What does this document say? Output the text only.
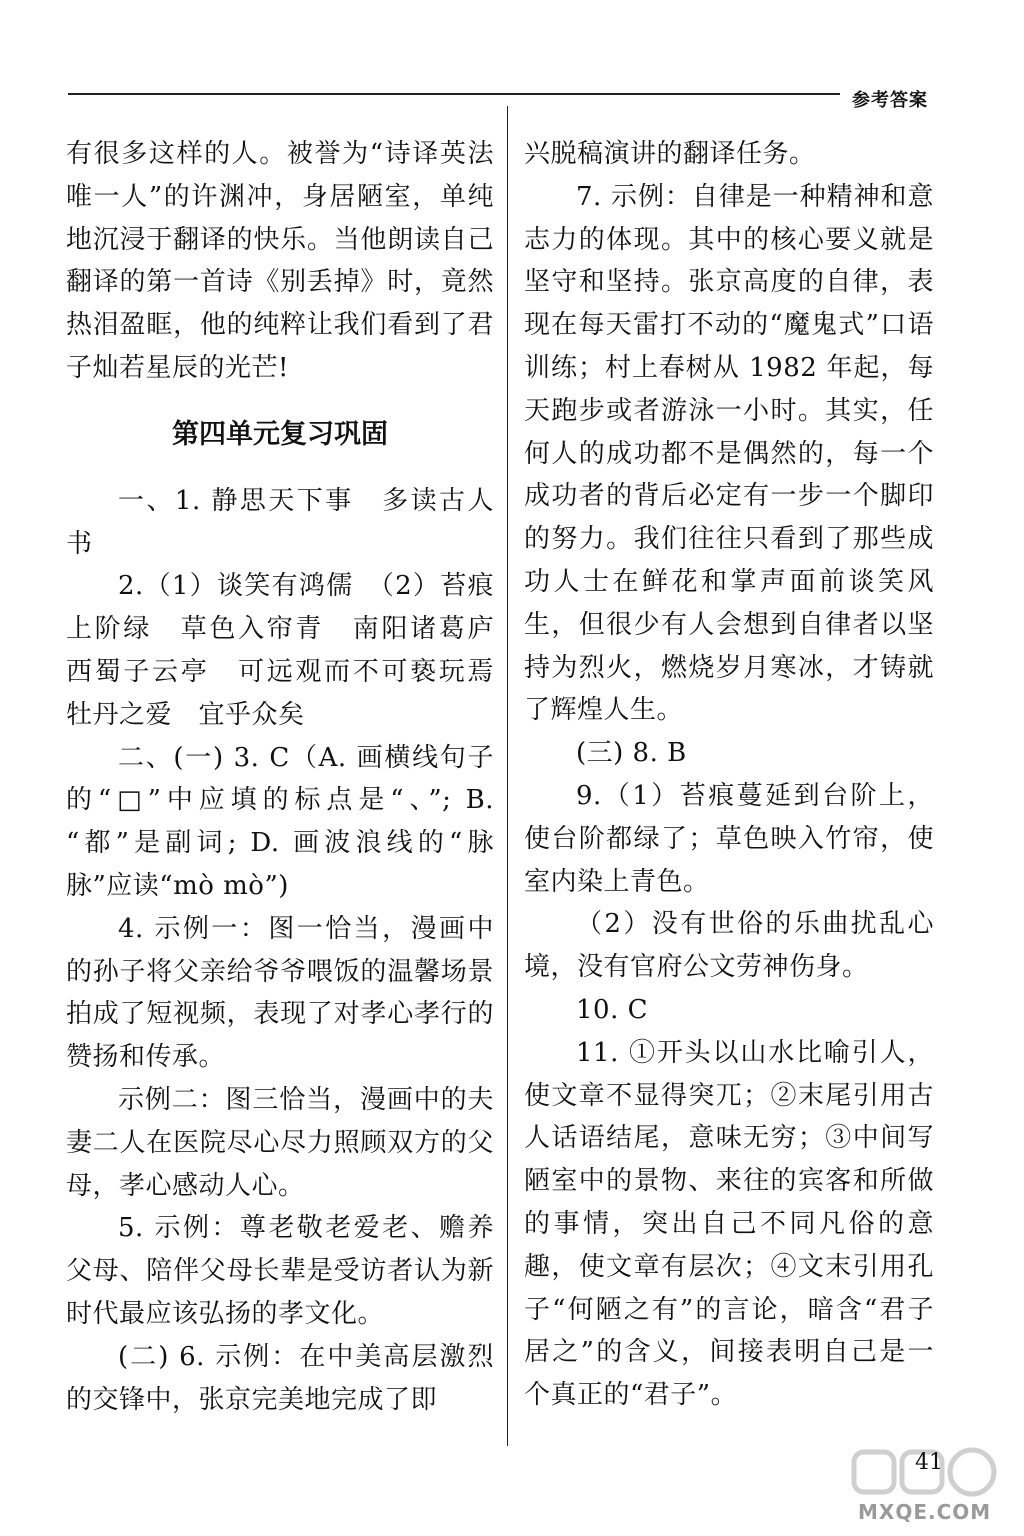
参考答案

有很多这样的人。被誉为“诗译英法唯一人”的许渊冲，身居陋室，单纯地沉浸于翻译的快乐。当他朗读自己翻译的第一首诗《别丢掉》时，竟然热泪盈眶，他的纯粹让我们看到了君子灿若星辰的光芒!

第四单元复习巩固

一、1. 静思天下事　多读古人书

2.（1）谈笑有鸿儒　（2）苔痕上阶绿　草色入帘青　南阳诸葛庐　西蜀子云亭　可远观而不可亵玩焉　牡丹之爱　宜乎众矣

二、(一) 3. C（A. 画横线句子的“□”中应填的标点是“、”; B. “都”是副词; D. 画波浪线的“脉脉”应读“mò mò”)

4. 示例一：图一恰当，漫画中的孙子将父亲给爷爷喂饭的温馨场景拍成了短视频，表现了对孝心孝行的赞扬和传承。

示例二：图三恰当，漫画中的夫妻二人在医院尽心尽力照顾双方的父母，孝心感动人心。

5. 示例：尊老敬老爱老、赡养父母、陪伴父母长辈是受访者认为新时代最应该弘扬的孝文化。

(二) 6. 示例：在中美高层激烈的交锋中，张京完美地完成了即

兴脱稿演讲的翻译任务。

7. 示例：自律是一种精神和意志力的体现。其中的核心要义就是坚守和坚持。张京高度的自律，表现在每天雷打不动的“魔鬼式”口语训练；村上春树从 1982 年起，每天跑步或者游泳一小时。其实，任何人的成功都不是偶然的，每一个成功者的背后必定有一步一个脚印的努力。我们往往只看到了那些成功人士在鲜花和掌声面前谈笑风生，但很少有人会想到自律者以坚持为烈火，燃烧岁月寒冰，才铸就了辉煌人生。

(三) 8. B

9.（1）苔痕蔓延到台阶上，使台阶都绿了；草色映入竹帘，使室内染上青色。

（2）没有世俗的乐曲扰乱心境，没有官府公文劳神伤身。

10. C

11. ①开头以山水比喻引人，使文章不显得突兀；②末尾引用古人话语结尾，意味无穷；③中间写陋室中的景物、来往的宾客和所做的事情，突出自己不同凡俗的意趣，使文章有层次；④文末引用孔子“何陋之有”的言论，暗含“君子居之”的含义，间接表明自己是一个真正的“君子”。

41
MXQE.COM
